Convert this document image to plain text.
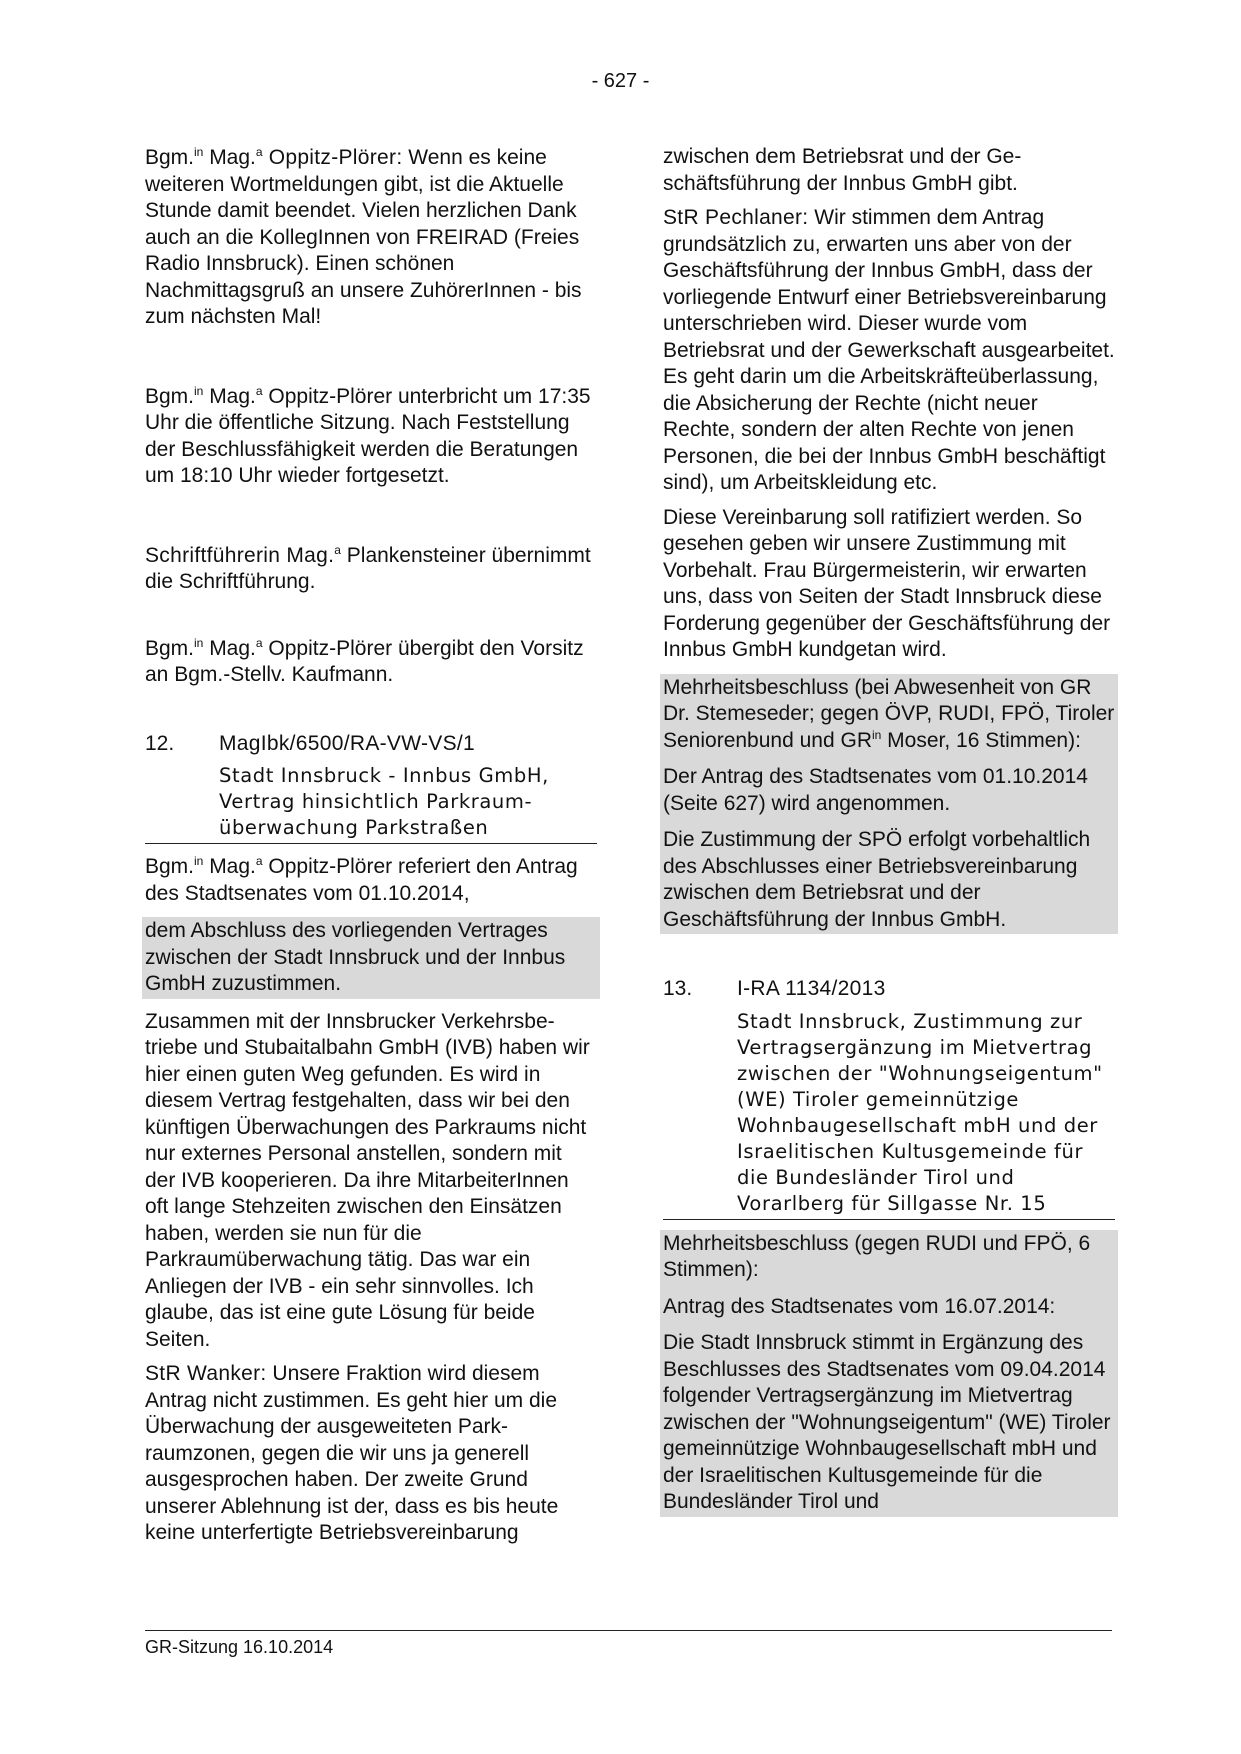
- 627 -

Bgm.$^{in}$ Mag.$^a$ Oppitz-Plörer: Wenn es keine weiteren Wortmeldungen gibt, ist die Aktuelle Stunde damit beendet. Vielen herzlichen Dank auch an die KollegInnen von FREIRAD (Freies Radio Innsbruck). Einen schönen Nachmittagsgruß an unsere ZuhörerInnen - bis zum nächsten Mal!

Bgm.$^{in}$ Mag.$^a$ Oppitz-Plörer unterbricht um 17:35 Uhr die öffentliche Sitzung. Nach Feststellung der Beschlussfähigkeit werden die Beratungen um 18:10 Uhr wieder fortgesetzt.

Schriftführerin Mag.$^a$ Plankensteiner übernimmt die Schriftführung.

Bgm.$^{in}$ Mag.$^a$ Oppitz-Plörer übergibt den Vorsitz an Bgm.-Stellv. Kaufmann.

12.	MagIbk/6500/RA-VW-VS/1
Stadt Innsbruck - Innbus GmbH, Vertrag hinsichtlich Parkraumüberwachung Parkstraßen

Bgm.$^{in}$ Mag.$^a$ Oppitz-Plörer referiert den Antrag des Stadtsenates vom 01.10.2014,

dem Abschluss des vorliegenden Vertrages zwischen der Stadt Innsbruck und der Innbus GmbH zuzustimmen.

Zusammen mit der Innsbrucker Verkehrsbetriebe und Stubaitalbahn GmbH (IVB) haben wir hier einen guten Weg gefunden. Es wird in diesem Vertrag festgehalten, dass wir bei den künftigen Überwachungen des Parkraums nicht nur externes Personal anstellen, sondern mit der IVB kooperieren. Da ihre MitarbeiterInnen oft lange Stehzeiten zwischen den Einsätzen haben, werden sie nun für die Parkraumüberwachung tätig. Das war ein Anliegen der IVB - ein sehr sinnvolles. Ich glaube, das ist eine gute Lösung für beide Seiten.

StR Wanker: Unsere Fraktion wird diesem Antrag nicht zustimmen. Es geht hier um die Überwachung der ausgeweiteten Parkraumzonen, gegen die wir uns ja generell ausgesprochen haben. Der zweite Grund unserer Ablehnung ist der, dass es bis heute keine unterfertigte Betriebsvereinbarung

zwischen dem Betriebsrat und der Geschäftsführung der Innbus GmbH gibt.

StR Pechlaner: Wir stimmen dem Antrag grundsätzlich zu, erwarten uns aber von der Geschäftsführung der Innbus GmbH, dass der vorliegende Entwurf einer Betriebsvereinbarung unterschrieben wird. Dieser wurde vom Betriebsrat und der Gewerkschaft ausgearbeitet. Es geht darin um die Arbeitskräfteüberlassung, die Absicherung der Rechte (nicht neuer Rechte, sondern der alten Rechte von jenen Personen, die bei der Innbus GmbH beschäftigt sind), um Arbeitskleidung etc.

Diese Vereinbarung soll ratifiziert werden. So gesehen geben wir unsere Zustimmung mit Vorbehalt. Frau Bürgermeisterin, wir erwarten uns, dass von Seiten der Stadt Innsbruck diese Forderung gegenüber der Geschäftsführung der Innbus GmbH kundgetan wird.

Mehrheitsbeschluss (bei Abwesenheit von GR Dr. Stemeseder; gegen ÖVP, RUDI, FPÖ, Tiroler Seniorenbund und $GR^{in}$ Moser, 16 Stimmen):

Der Antrag des Stadtsenates vom 01.10.2014 (Seite 627) wird angenommen.

Die Zustimmung der SPÖ erfolgt vorbehaltlich des Abschlusses einer Betriebsvereinbarung zwischen dem Betriebsrat und der Geschäftsführung der Innbus GmbH.

13.	I-RA 1134/2013
Stadt Innsbruck, Zustimmung zur Vertragsergänzung im Mietvertrag zwischen der "Wohnungseigentum" (WE) Tiroler gemeinnützige Wohnbaugesellschaft mbH und der Israelitischen Kultusgemeinde für die Bundesländer Tirol und Vorarlberg für Sillgasse Nr. 15

Mehrheitsbeschluss (gegen RUDI und FPÖ, 6 Stimmen):

Antrag des Stadtsenates vom 16.07.2014:

Die Stadt Innsbruck stimmt in Ergänzung des Beschlusses des Stadtsenates vom 09.04.2014 folgender Vertragsergänzung im Mietvertrag zwischen der "Wohnungseigentum" (WE) Tiroler gemeinnützige Wohnbaugesellschaft mbH und der Israelitischen Kultusgemeinde für die Bundesländer Tirol und

GR-Sitzung 16.10.2014
